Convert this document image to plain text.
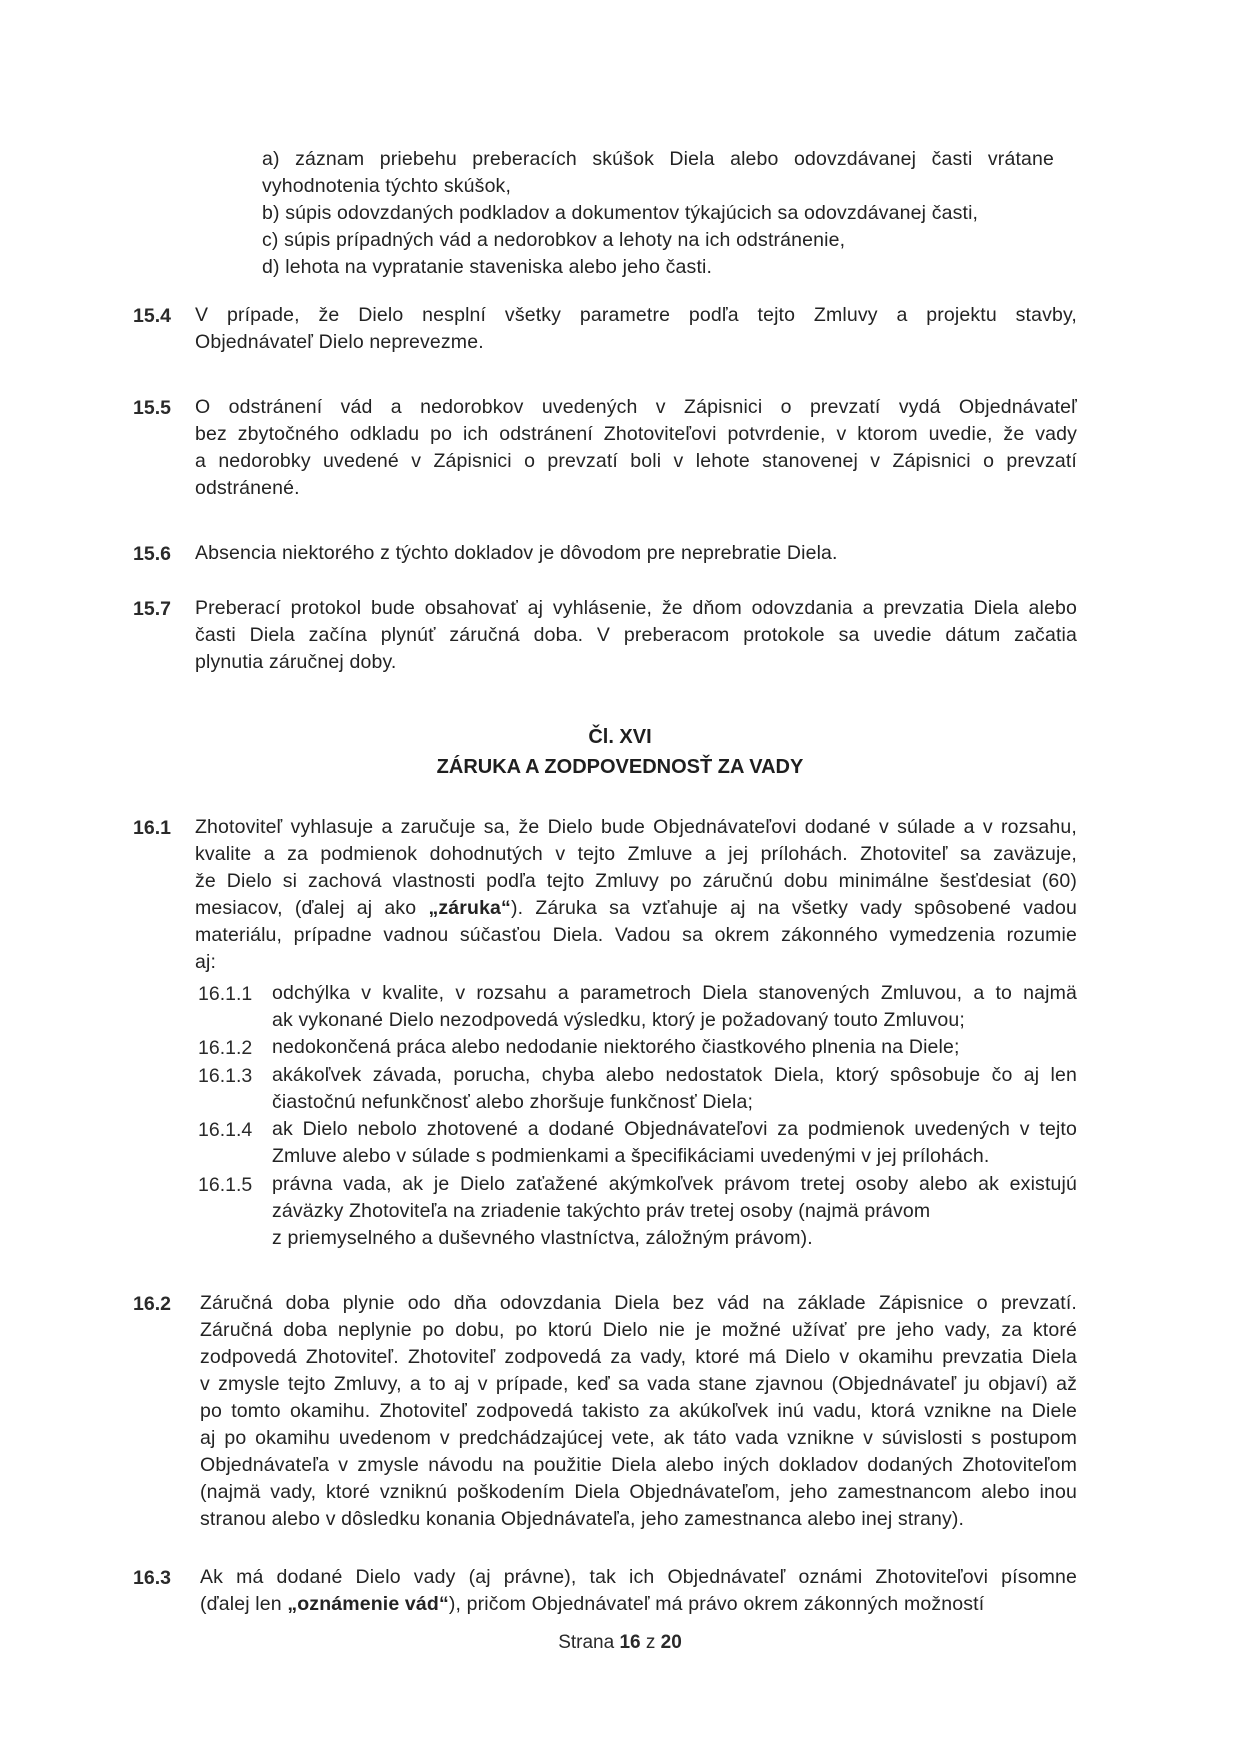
a) záznam priebehu preberacích skúšok Diela alebo odovzdávanej časti vrátane
vyhodnotenia týchto skúšok,
b) súpis odovzdaných podkladov a dokumentov týkajúcich sa odovzdávanej časti,
c) súpis prípadných vád a nedorobkov a lehoty na ich odstránenie,
d) lehota na vypratanie staveniska alebo jeho časti.
15.4 V prípade, že Dielo nesplní všetky parametre podľa tejto Zmluvy a projektu stavby,
Objednávateľ Dielo neprevezme.
15.5 O odstránení vád a nedorobkov uvedených v Zápisnici o prevzatí vydá Objednávateľ
bez zbytočného odkladu po ich odstránení Zhotoviteľovi potvrdenie, v ktorom uvedie, že vady
a nedorobky uvedené v Zápisnici o prevzatí boli v lehote stanovenej v Zápisnici o prevzatí
odstránené.
15.6 Absencia niektorého z týchto dokladov je dôvodom pre neprebratie Diela.
15.7 Preberací protokol bude obsahovať aj vyhlásenie, že dňom odovzdania a prevzatia Diela alebo
časti Diela začína plynúť záručná doba. V preberacom protokole sa uvedie dátum začatia
plynutia záručnej doby.
Čl. XVI
ZÁRUKA A ZODPOVEDNOSŤ ZA VADY
16.1 Zhotoviteľ vyhlasuje a zaručuje sa, že Dielo bude Objednávateľovi dodané v súlade a v rozsahu,
kvalite a za podmienok dohodnutých v tejto Zmluve a jej prílohách. Zhotoviteľ sa zaväzuje,
že Dielo si zachová vlastnosti podľa tejto Zmluvy po záručnú dobu minimálne šesťdesiat (60)
mesiacov, (ďalej aj ako „záruka“). Záruka sa vzťahuje aj na všetky vady spôsobené vadou
materiálu, prípadne vadnou súčasťou Diela. Vadou sa okrem zákonného vymedzenia rozumie
aj:
16.1.1 odchýlka v kvalite, v rozsahu a parametroch Diela stanovených Zmluvou, a to najmä
ak vykonané Dielo nezodpovedá výsledku, ktorý je požadovaný touto Zmluvou;
16.1.2 nedokončená práca alebo nedodanie niektorého čiastkového plnenia na Diele;
16.1.3 akákoľvek závada, porucha, chyba alebo nedostatok Diela, ktorý spôsobuje čo aj len
čiastočnú nefunkčnosť alebo zhoršuje funkčnosť Diela;
16.1.4 ak Dielo nebolo zhotovené a dodané Objednávateľovi za podmienok uvedených v tejto
Zmluve alebo v súlade s podmienkami a špecifikáciami uvedenými v jej prílohách.
16.1.5 právna vada, ak je Dielo zaťažené akýmkoľvek právom tretej osoby alebo ak existujú
záväzky Zhotoviteľa na zriadenie takýchto práv tretej osoby (najmä právom
z priemyselného a duševného vlastníctva, záložným právom).
16.2 Záručná doba plynie odo dňa odovzdania Diela bez vád na základe Zápisnice o prevzatí.
Záručná doba neplynie po dobu, po ktorú Dielo nie je možné užívať pre jeho vady, za ktoré
zodpovedá Zhotoviteľ. Zhotoviteľ zodpovedá za vady, ktoré má Dielo v okamihu prevzatia Diela
v zmysle tejto Zmluvy, a to aj v prípade, keď sa vada stane zjavnou (Objednávateľ ju objaví) až
po tomto okamihu. Zhotoviteľ zodpovedá takisto za akúkoľvek inú vadu, ktorá vznikne na Diele
aj po okamihu uvedenom v predchádzajúcej vete, ak táto vada vznikne v súvislosti s postupom
Objednávateľa v zmysle návodu na použitie Diela alebo iných dokladov dodaných Zhotoviteľom
(najmä vady, ktoré vzniknú poškodením Diela Objednávateľom, jeho zamestnancom alebo inou
stranou alebo v dôsledku konania Objednávateľa, jeho zamestnanca alebo inej strany).
16.3 Ak má dodané Dielo vady (aj právne), tak ich Objednávateľ oznámi Zhotoviteľovi písomne
(ďalej len „oznámenie vád“), pričom Objednávateľ má právo okrem zákonných možností
Strana 16 z 20
